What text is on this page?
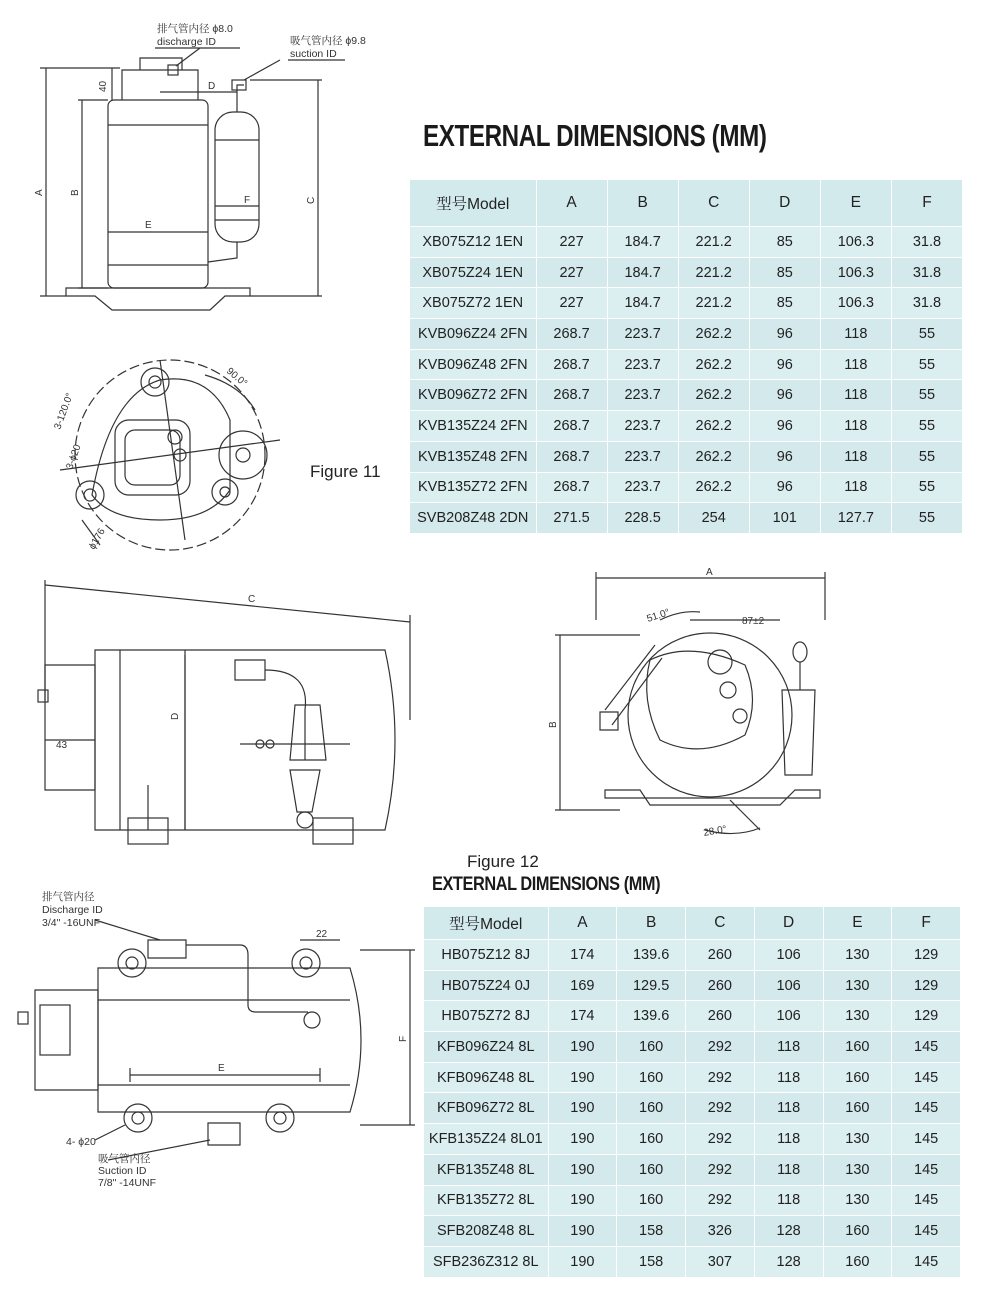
排气管内径 ϕ8.0
discharge ID	吸气管内径 ϕ9.8
suction ID
40
A	B
C
D
E
F
90.0°
3-120.0°
3-ϕ20
ϕ176
Figure 11
EXTERNAL DIMENSIONS (MM)
型号Model	A	B	C	D	E	F
XB075Z12 1EN	227	184.7	221.2	85	106.3	31.8
XB075Z24 1EN	227	184.7	221.2	85	106.3	31.8
XB075Z72 1EN	227	184.7	221.2	85	106.3	31.8
KVB096Z24 2FN	268.7	223.7	262.2	96	118	55
KVB096Z48 2FN	268.7	223.7	262.2	96	118	55
KVB096Z72 2FN	268.7	223.7	262.2	96	118	55
KVB135Z24 2FN	268.7	223.7	262.2	96	118	55
KVB135Z48 2FN	268.7	223.7	262.2	96	118	55
KVB135Z72 2FN	268.7	223.7	262.2	96	118	55
SVB208Z48 2DN	271.5	228.5	254	101	127.7	55
C
D
43
A
B
51.0°	87±2
28.0°
Figure 12
EXTERNAL DIMENSIONS (MM)
排气管内径
Discharge ID
3/4" -16UNF
22
E
F
4- ϕ20
吸气管内径
Suction ID
7/8" -14UNF
型号Model	A	B	C	D	E	F
HB075Z12 8J	174	139.6	260	106	130	129
HB075Z24 0J	169	129.5	260	106	130	129
HB075Z72 8J	174	139.6	260	106	130	129
KFB096Z24 8L	190	160	292	118	160	145
KFB096Z48 8L	190	160	292	118	160	145
KFB096Z72 8L	190	160	292	118	160	145
KFB135Z24 8L01	190	160	292	118	130	145
KFB135Z48 8L	190	160	292	118	130	145
KFB135Z72 8L	190	160	292	118	130	145
SFB208Z48 8L	190	158	326	128	160	145
SFB236Z312 8L	190	158	307	128	160	145
